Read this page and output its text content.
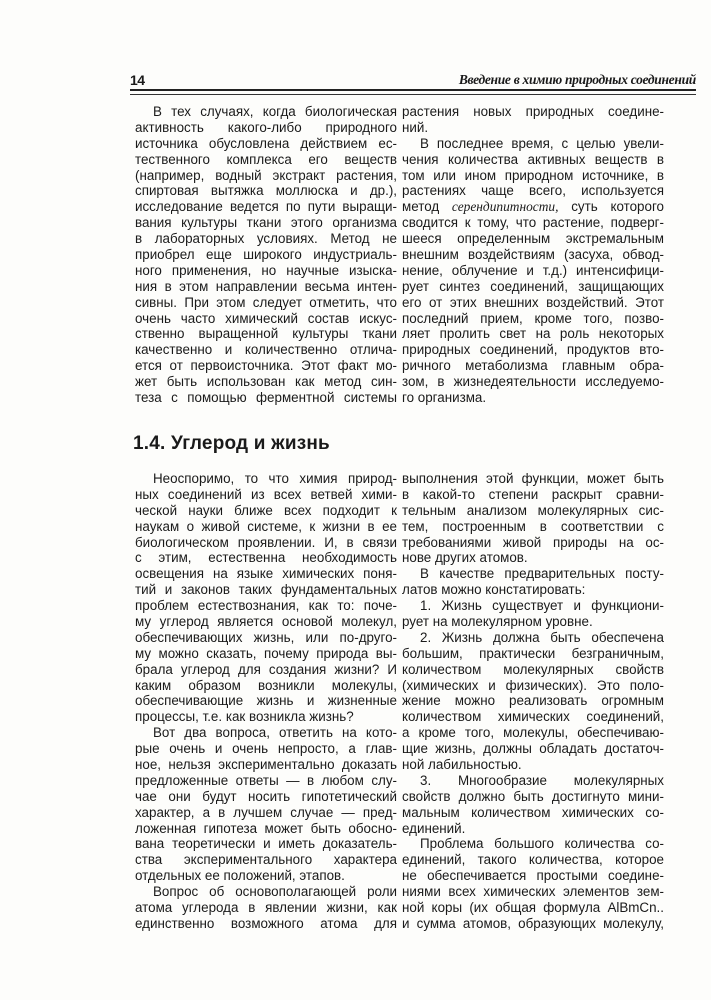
14	Введение в химию природных соединений
В тех случаях, когда биологическая
активность какого-либо природного
источника обусловлена действием ес-
тественного комплекса его веществ
(например, водный экстракт растения,
спиртовая вытяжка моллюска и др.),
исследование ведется по пути выращи-
вания культуры ткани этого организма
в лабораторных условиях. Метод не
приобрел еще широкого индустриаль-
ного применения, но научные изыска-
ния в этом направлении весьма интен-
сивны. При этом следует отметить, что
очень часто химический состав искус-
ственно выращенной культуры ткани
качественно и количественно отлича-
ется от первоисточника. Этот факт мо-
жет быть использован как метод син-
теза с помощью ферментной системы
растения новых природных соедине-
ний.
В последнее время, с целью увели-
чения количества активных веществ в
том или ином природном источнике, в
растениях чаще всего, используется
метод серендипитности, суть которого
сводится к тому, что растение, подверг-
шееся определенным экстремальным
внешним воздействиям (засуха, обвод-
нение, облучение и т.д.) интенсифици-
рует синтез соединений, защищающих
его от этих внешних воздействий. Этот
последний прием, кроме того, позво-
ляет пролить свет на роль некоторых
природных соединений, продуктов вто-
ричного метаболизма главным обра-
зом, в жизнедеятельности исследуемо-
го организма.
1.4. Углерод и жизнь
Неоспоримо, то что химия природ-
ных соединений из всех ветвей хими-
ческой науки ближе всех подходит к
наукам о живой системе, к жизни в ее
биологическом проявлении. И, в связи
с этим, естественна необходимость
освещения на языке химических поня-
тий и законов таких фундаментальных
проблем естествознания, как то: поче-
му углерод является основой молекул,
обеспечивающих жизнь, или по-друго-
му можно сказать, почему природа вы-
брала углерод для создания жизни? И
каким образом возникли молекулы,
обеспечивающие жизнь и жизненные
процессы, т.е. как возникла жизнь?
Вот два вопроса, ответить на кото-
рые очень и очень непросто, а глав-
ное, нельзя экспериментально доказать
предложенные ответы — в любом слу-
чае они будут носить гипотетический
характер, а в лучшем случае — пред-
ложенная гипотеза может быть обосно-
вана теоретически и иметь доказатель-
ства экспериментального характера
отдельных ее положений, этапов.
Вопрос об основополагающей роли
атома углерода в явлении жизни, как
единственно возможного атома для
выполнения этой функции, может быть
в какой-то степени раскрыт сравни-
тельным анализом молекулярных сис-
тем, построенным в соответствии с
требованиями живой природы на ос-
нове других атомов.
В качестве предварительных посту-
латов можно констатировать:
1. Жизнь существует и функциони-
рует на молекулярном уровне.
2. Жизнь должна быть обеспечена
большим, практически безграничным,
количеством молекулярных свойств
(химических и физических). Это поло-
жение можно реализовать огромным
количеством химических соединений,
а кроме того, молекулы, обеспечиваю-
щие жизнь, должны обладать достаточ-
ной лабильностью.
3. Многообразие молекулярных
свойств должно быть достигнуто мини-
мальным количеством химических со-
единений.
Проблема большого количества со-
единений, такого количества, которое
не обеспечивается простыми соедине-
ниями всех химических элементов зем-
ной коры (их общая формула AlBmCn..
и сумма атомов, образующих молекулу,
